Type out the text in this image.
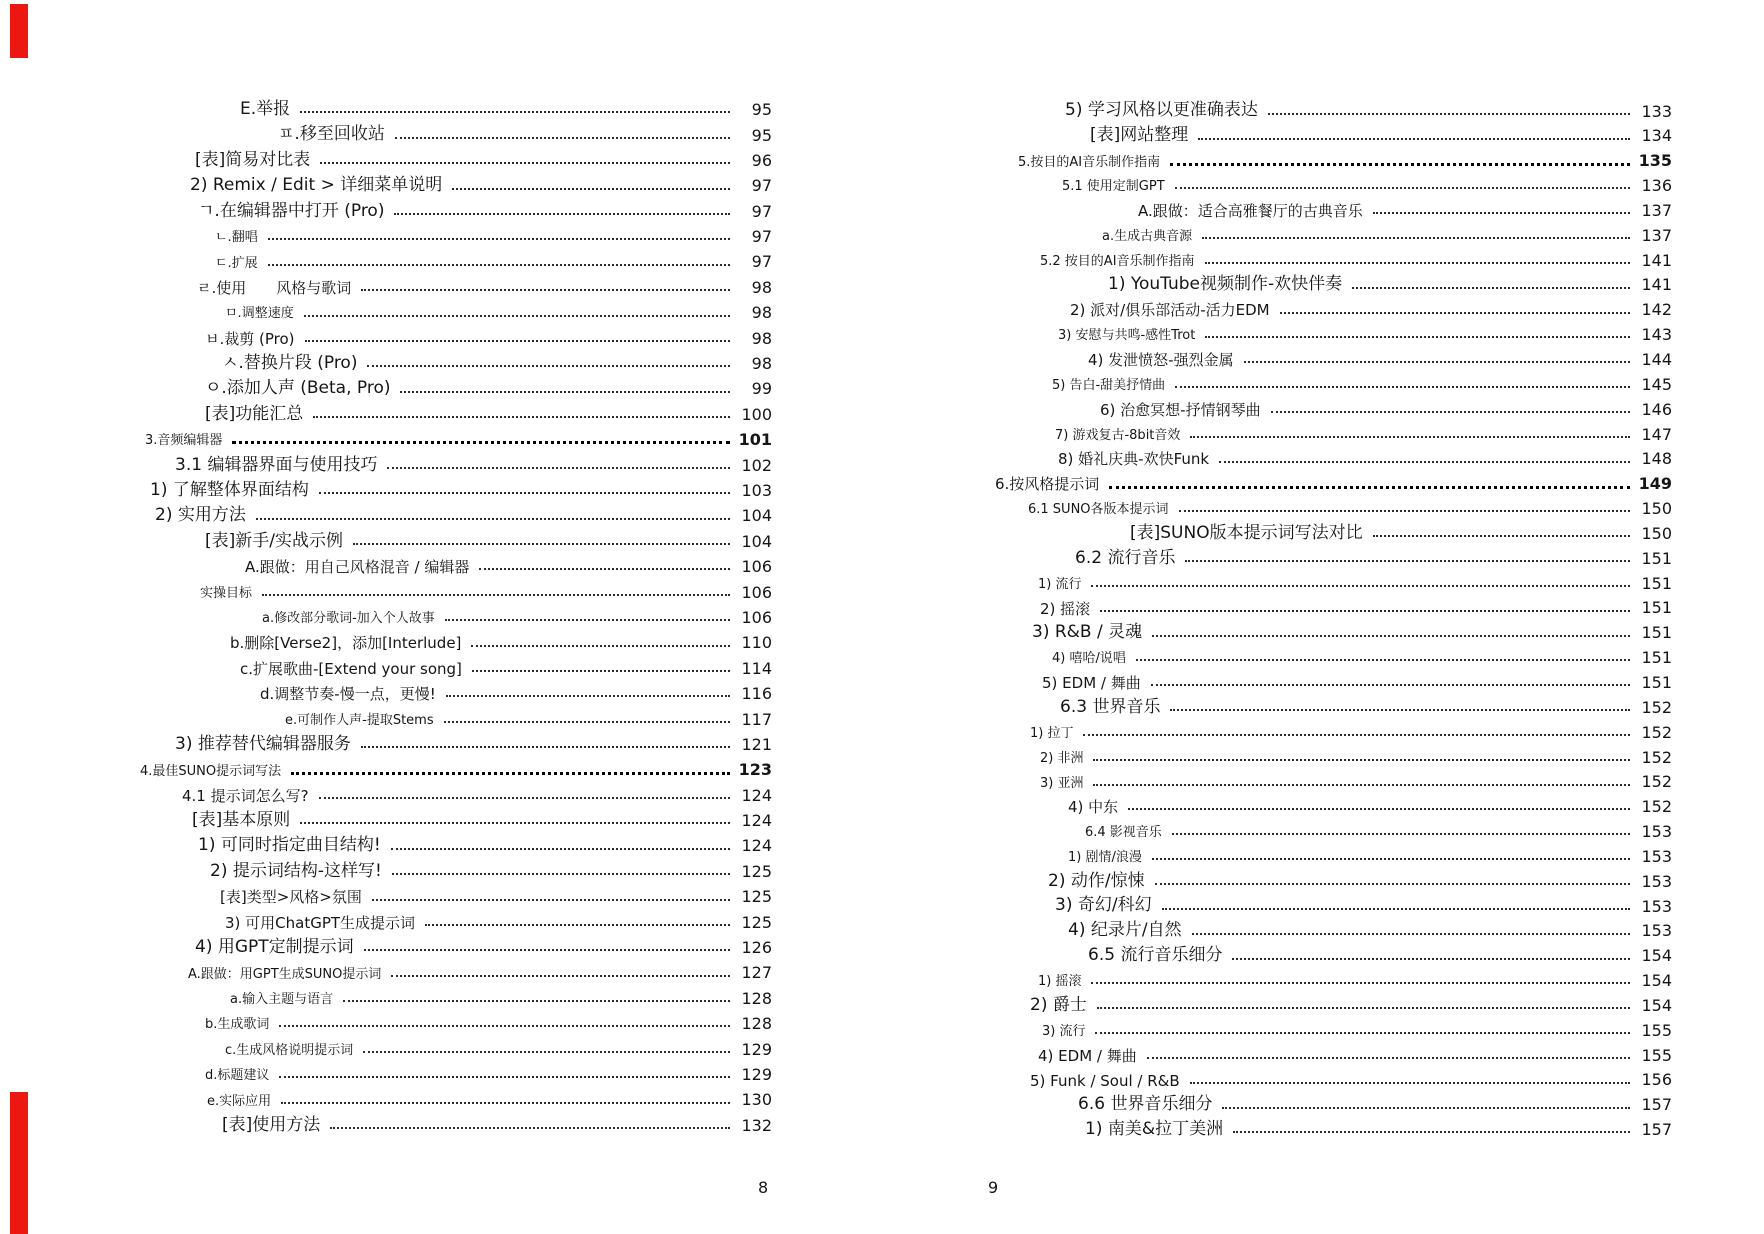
E.举报	95
ㅍ.移至回收站	95
[表]简易对比表	96
2) Remix / Edit > 详细菜单说明	97
ㄱ.在编辑器中打开 (Pro)	97
ㄴ.翻唱	97
ㄷ.扩展	97
ㄹ.使用　　风格与歌词	98
ㅁ.调整速度	98
ㅂ.裁剪 (Pro)	98
ㅅ.替换片段 (Pro)	98
ㅇ.添加人声 (Beta, Pro)	99
[表]功能汇总	100
3.音频编辑器	101
3.1 编辑器界面与使用技巧	102
1) 了解整体界面结构	103
2) 实用方法	104
[表]新手/实战示例	104
A.跟做：用自己风格混音 / 编辑器	106
实操目标	106
a.修改部分歌词-加入个人故事	106
b.删除[Verse2]，添加[Interlude]	110
c.扩展歌曲-[Extend your song]	114
d.调整节奏-慢一点，更慢!	116
e.可制作人声-提取Stems	117
3) 推荐替代编辑器服务	121
4.最佳SUNO提示词写法	123
4.1 提示词怎么写?	124
[表]基本原则	124
1) 可同时指定曲目结构!	124
2) 提示词结构-这样写!	125
[表]类型>风格>氛围	125
3) 可用ChatGPT生成提示词	125
4) 用GPT定制提示词	126
A.跟做：用GPT生成SUNO提示词	127
a.输入主题与语言	128
b.生成歌词	128
c.生成风格说明提示词	129
d.标题建议	129
e.实际应用	130
[表]使用方法	132
5) 学习风格以更准确表达	133
[表]网站整理	134
5.按目的AI音乐制作指南	135
5.1 使用定制GPT	136
A.跟做：适合高雅餐厅的古典音乐	137
a.生成古典音源	137
5.2 按目的AI音乐制作指南	141
1) YouTube视频制作-欢快伴奏	141
2) 派对/俱乐部活动-活力EDM	142
3) 安慰与共鸣-感性Trot	143
4) 发泄愤怒-强烈金属	144
5) 告白-甜美抒情曲	145
6) 治愈冥想-抒情钢琴曲	146
7) 游戏复古-8bit音效	147
8) 婚礼庆典-欢快Funk	148
6.按风格提示词	149
6.1 SUNO各版本提示词	150
[表]SUNO版本提示词写法对比	150
6.2 流行音乐	151
1) 流行	151
2) 摇滚	151
3) R&B / 灵魂	151
4) 嘻哈/说唱	151
5) EDM / 舞曲	151
6.3 世界音乐	152
1) 拉丁	152
2) 非洲	152
3) 亚洲	152
4) 中东	152
6.4 影视音乐	153
1) 剧情/浪漫	153
2) 动作/惊悚	153
3) 奇幻/科幻	153
4) 纪录片/自然	153
6.5 流行音乐细分	154
1) 摇滚	154
2) 爵士	154
3) 流行	155
4) EDM / 舞曲	155
5) Funk / Soul / R&B	156
6.6 世界音乐细分	157
1) 南美&拉丁美洲	157
8	9
